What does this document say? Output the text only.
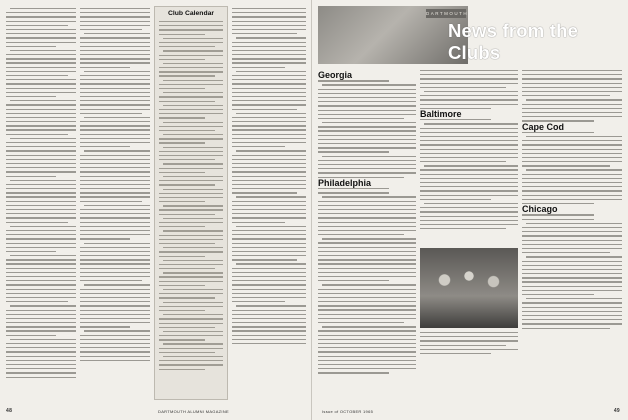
Club Calendar
48	DARTMOUTH ALUMNI MAGAZINE
DARTMOUTH
News from the Clubs
Georgia
Philadelphia
Baltimore
Cape Cod
Chicago
Issue of OCTOBER 1965	49
